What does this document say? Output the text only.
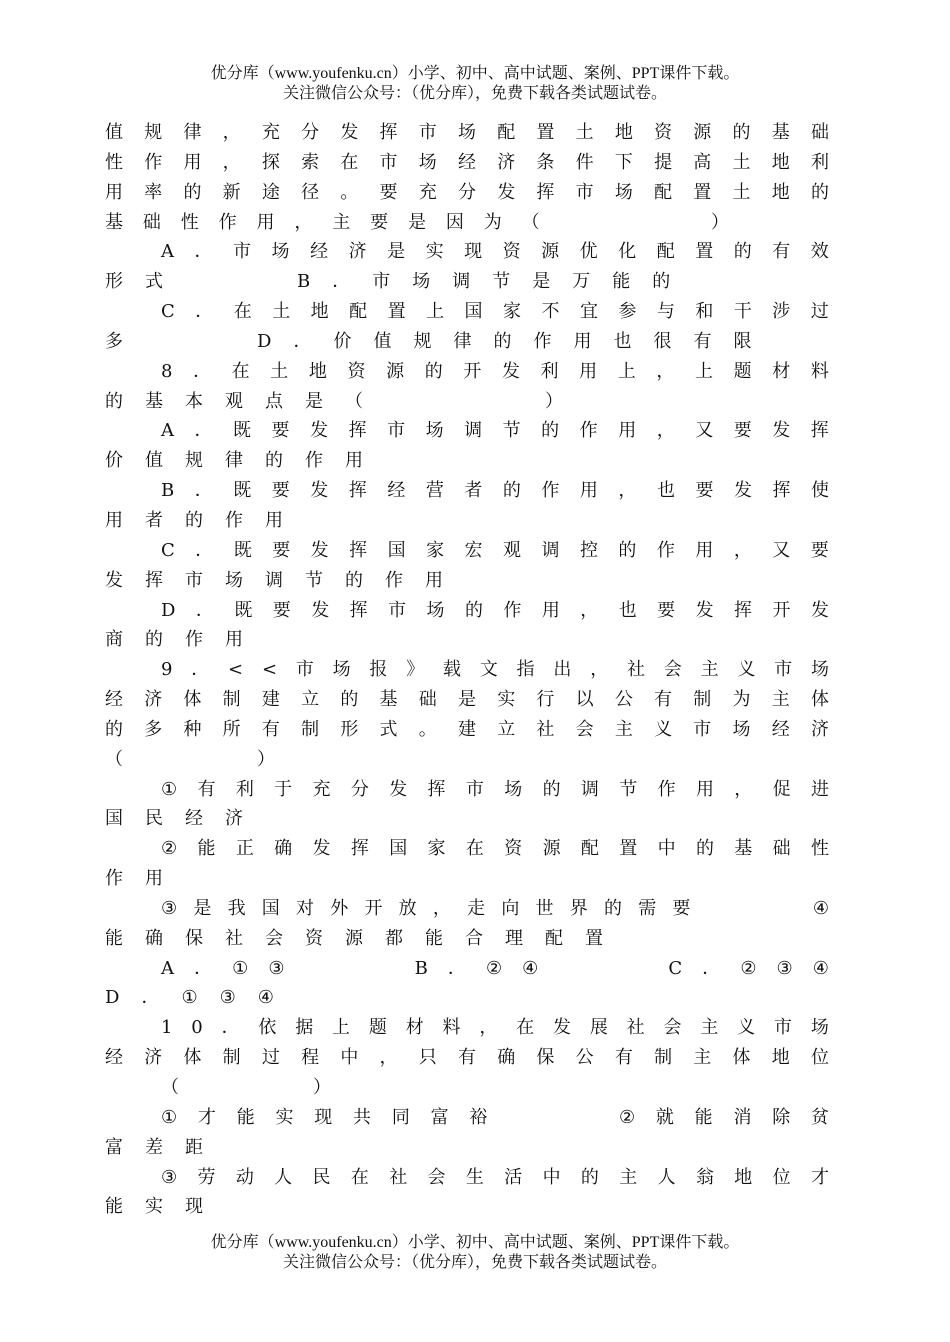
优分库（www.youfenku.cn）小学、初中、高中试题、案例、PPT课件下载。
关注微信公众号：（优分库），免费下载各类试题试卷。
值 规 律 ， 充 分 发 挥 市 场 配 置 土 地 资 源 的 基 础
性 作 用 ， 探 索 在 市 场 经 济 条 件 下 提 高 土 地 利
用 率 的 新 途 径 。 要 充 分 发 挥 市 场 配 置 土 地 的
基 础 性 作 用 ， 主 要 是 因 为 （

　	）
A ． 市 场 经 济 是 实 现 资 源 优 化 配 置 的 有 效
形 式	B ． 市 场 调 节 是 万 能 的
C ． 在 土 地 配 置 上 国 家 不 宜 参 与 和 干 涉 过
多	D ． 价 值 规 律 的 作 用 也 很 有 限
8 ． 在 土 地 资 源 的 开 发 利 用 上 ， 上 题 材 料
的 基 本 观 点 是 （

　	）
A ． 既 要 发 挥 市 场 调 节 的 作 用 ， 又 要 发 挥
价 值 规 律 的 作 用
B ． 既 要 发 挥 经 营 者 的 作 用 ， 也 要 发 挥 使
用 者 的 作 用
C ． 既 要 发 挥 国 家 宏 观 调 控 的 作 用 ， 又 要
发 挥 市 场 调 节 的 作 用
D ． 既 要 发 挥 市 场 的 作 用 ， 也 要 发 挥 开 发
商 的 作 用
9 ． < < 市 场 报 》 载 文 指 出 ， 社 会 主 义 市 场
经 济 体 制 建 立 的 基 础 是 实 行 以 公 有 制 为 主 体
的 多 种 所 有 制 形 式 。 建 立 社 会 主 义 市 场 经 济
（	）
① 有 利 于 充 分 发 挥 市 场 的 调 节 作 用 ， 促 进
国 民 经 济
② 能 正 确 发 挥 国 家 在 资 源 配 置 中 的 基 础 性
作 用
③ 是 我 国 对 外 开 放 ， 走 向 世 界 的 需 要	④
能 确 保 社 会 资 源 都 能 合 理 配 置
A ． ① ③	B ． ② ④	C ． ② ③ ④
D ． ① ③ ④
1 0 ． 依 据 上 题 材 料 ， 在 发 展 社 会 主 义 市 场
经 济 体 制 过 程 中 ， 只 有 确 保 公 有 制 主 体 地 位
（	）
① 才 能 实 现 共 同 富 裕	② 就 能 消 除 贫
富 差 距
③ 劳 动 人 民 在 社 会 生 活 中 的 主 人 翁 地 位 才
能 实 现
优分库（www.youfenku.cn）小学、初中、高中试题、案例、PPT课件下载。
关注微信公众号：（优分库），免费下载各类试题试卷。
